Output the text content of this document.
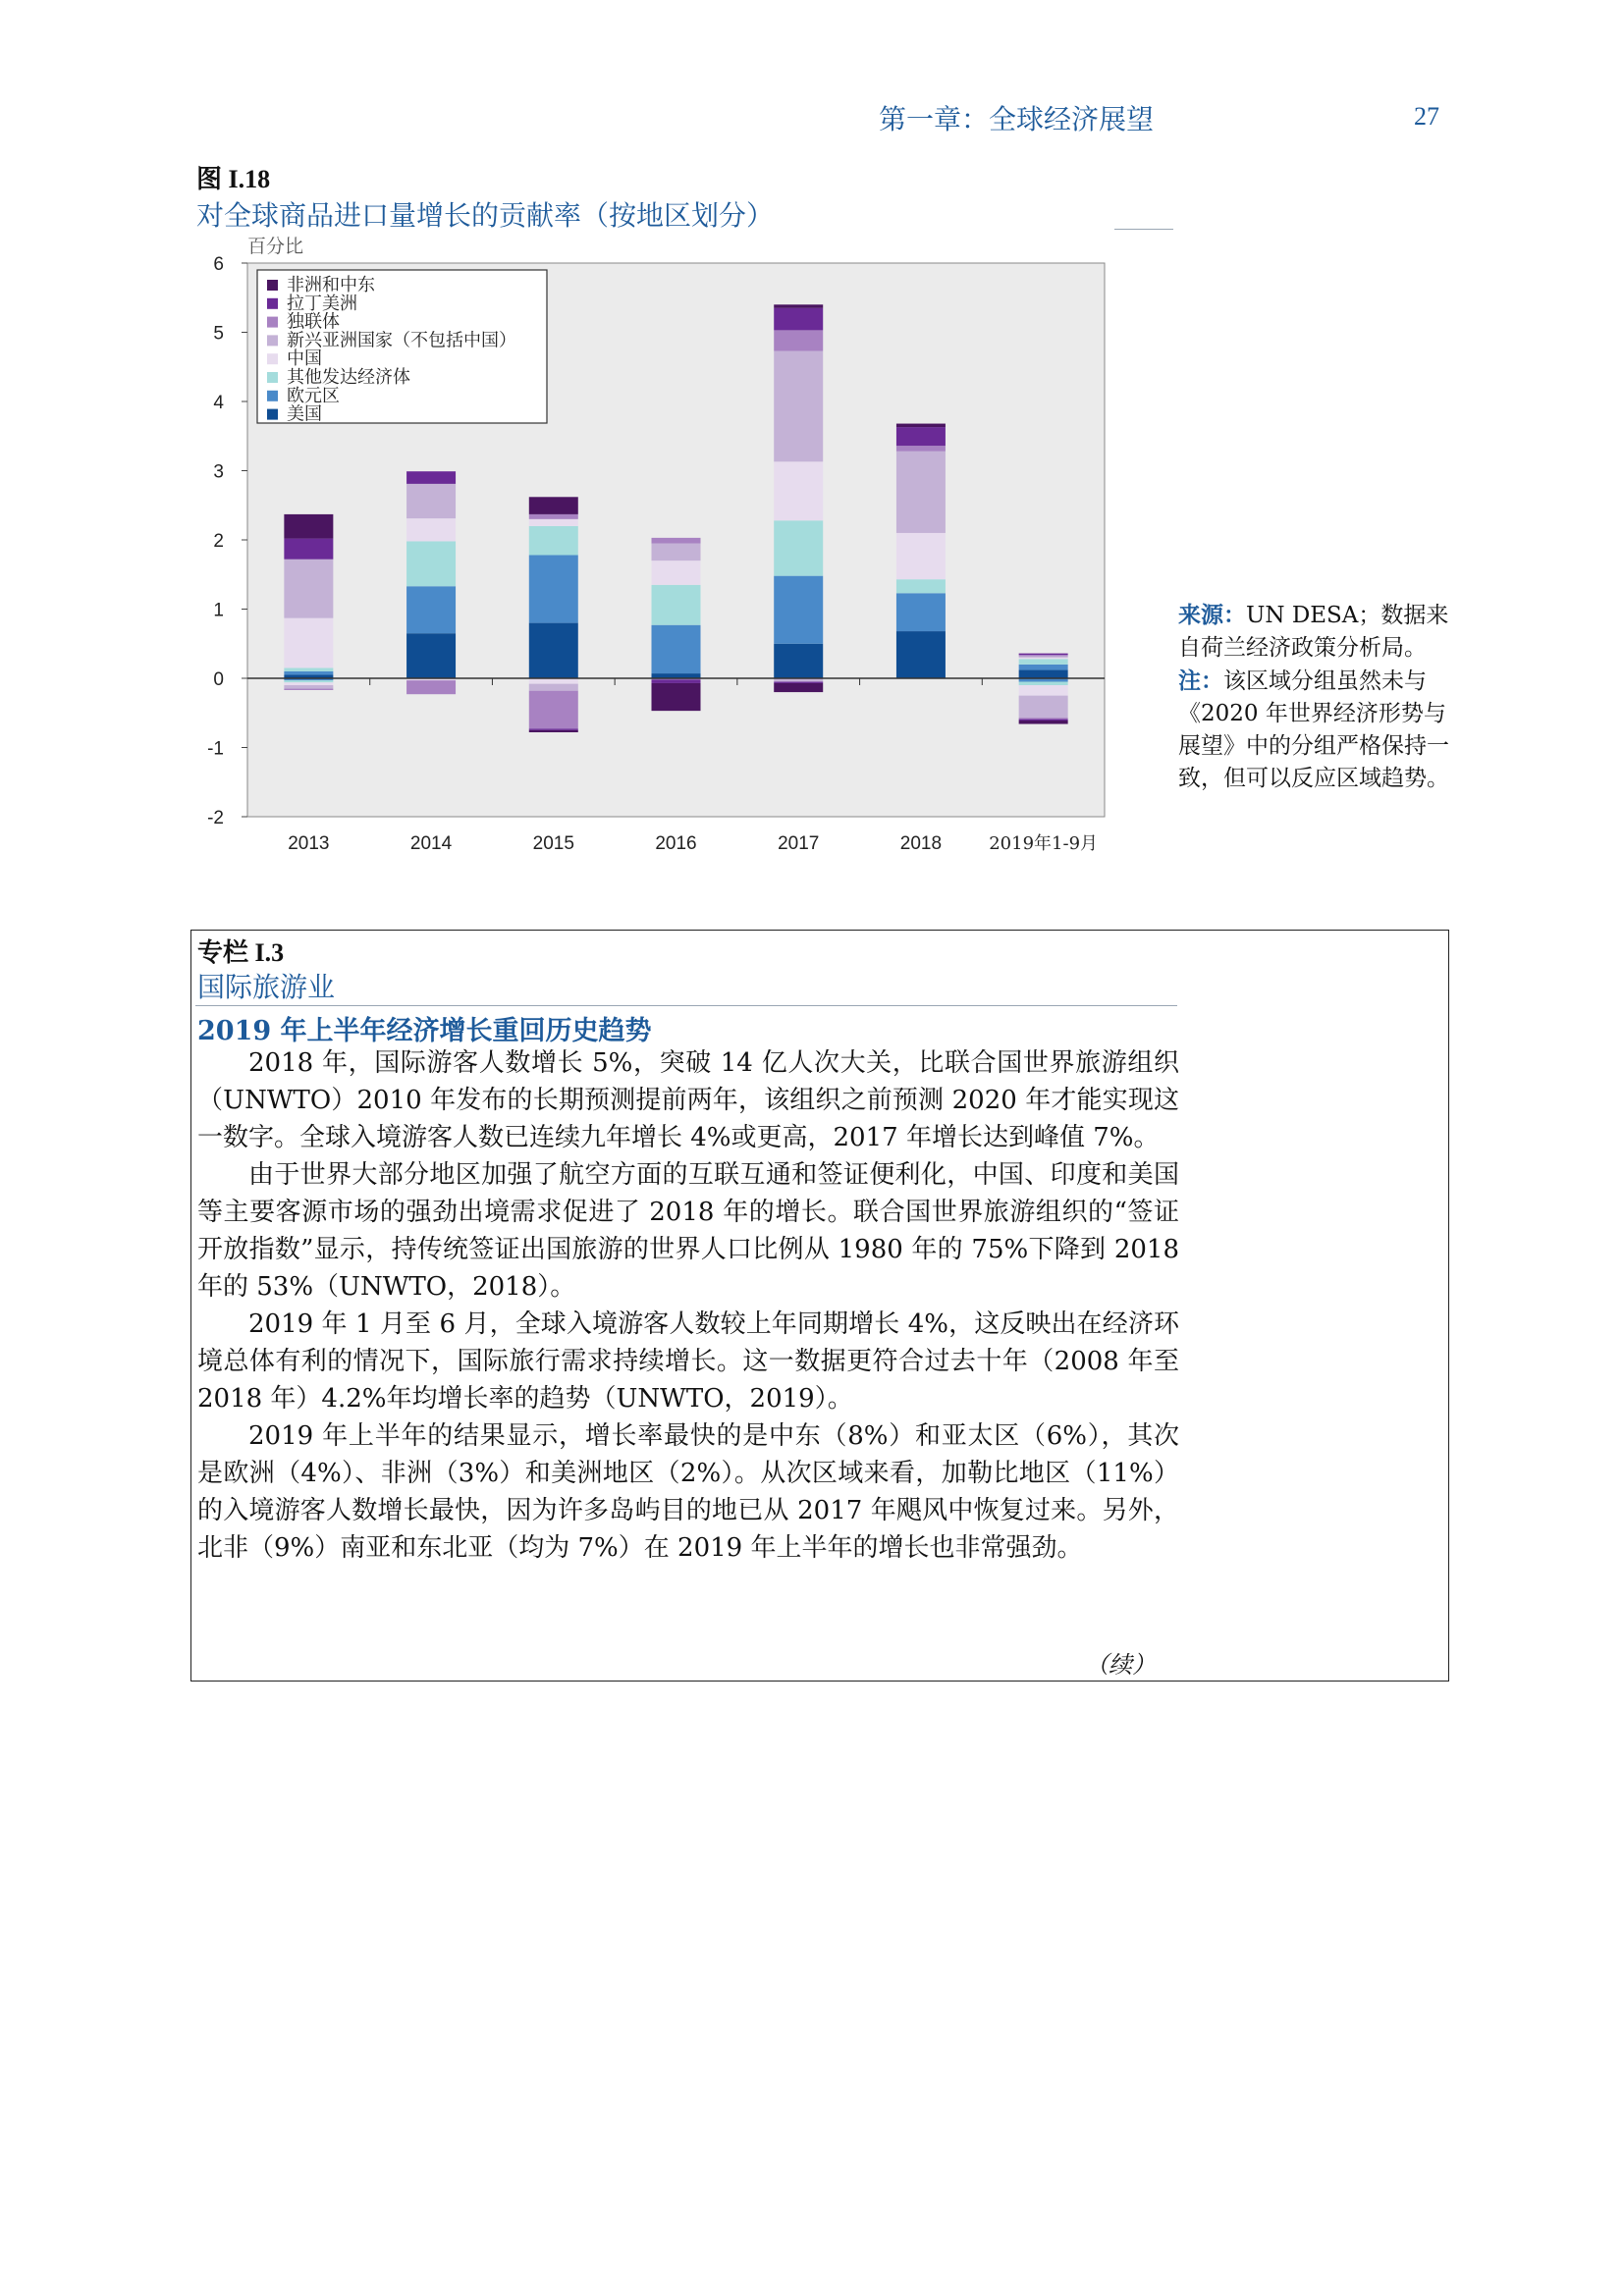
第一章：全球经济展望	27
图 I.18
对全球商品进口量增长的贡献率（按地区划分）
百分比
6
5
4
3
2
1
0
-1
-2
2013	2014	2015	2016	2017	2018	2019年1-9月
非洲和中东
拉丁美洲
独联体
新兴亚洲国家（不包括中国）
中国
其他发达经济体
欧元区
美国
来源：UN DESA；数据来自荷兰经济政策分析局。
注：该区域分组虽然未与《2020 年世界经济形势与展望》中的分组严格保持一致，但可以反应区域趋势。
专栏 I.3
国际旅游业
2019 年上半年经济增长重回历史趋势

2018 年，国际游客人数增长 5%，突破 14 亿人次大关，比联合国世界旅游组织（UNWTO）2010 年发布的长期预测提前两年，该组织之前预测 2020 年才能实现这一数字。全球入境游客人数已连续九年增长 4%或更高，2017 年增长达到峰值 7%。

由于世界大部分地区加强了航空方面的互联互通和签证便利化，中国、印度和美国等主要客源市场的强劲出境需求促进了 2018 年的增长。联合国世界旅游组织的“签证开放指数”显示，持传统签证出国旅游的世界人口比例从 1980 年的 75%下降到 2018 年的 53%（UNWTO，2018）。

2019 年 1 月至 6 月，全球入境游客人数较上年同期增长 4%，这反映出在经济环境总体有利的情况下，国际旅行需求持续增长。这一数据更符合过去十年（2008 年至 2018 年）4.2%年均增长率的趋势（UNWTO，2019）。

2019 年上半年的结果显示，增长率最快的是中东（8%）和亚太区（6%），其次是欧洲（4%）、非洲（3%）和美洲地区（2%）。从次区域来看，加勒比地区（11%）的入境游客人数增长最快，因为许多岛屿目的地已从 2017 年飓风中恢复过来。另外，北非（9%）南亚和东北亚（均为 7%）在 2019 年上半年的增长也非常强劲。

（续）
